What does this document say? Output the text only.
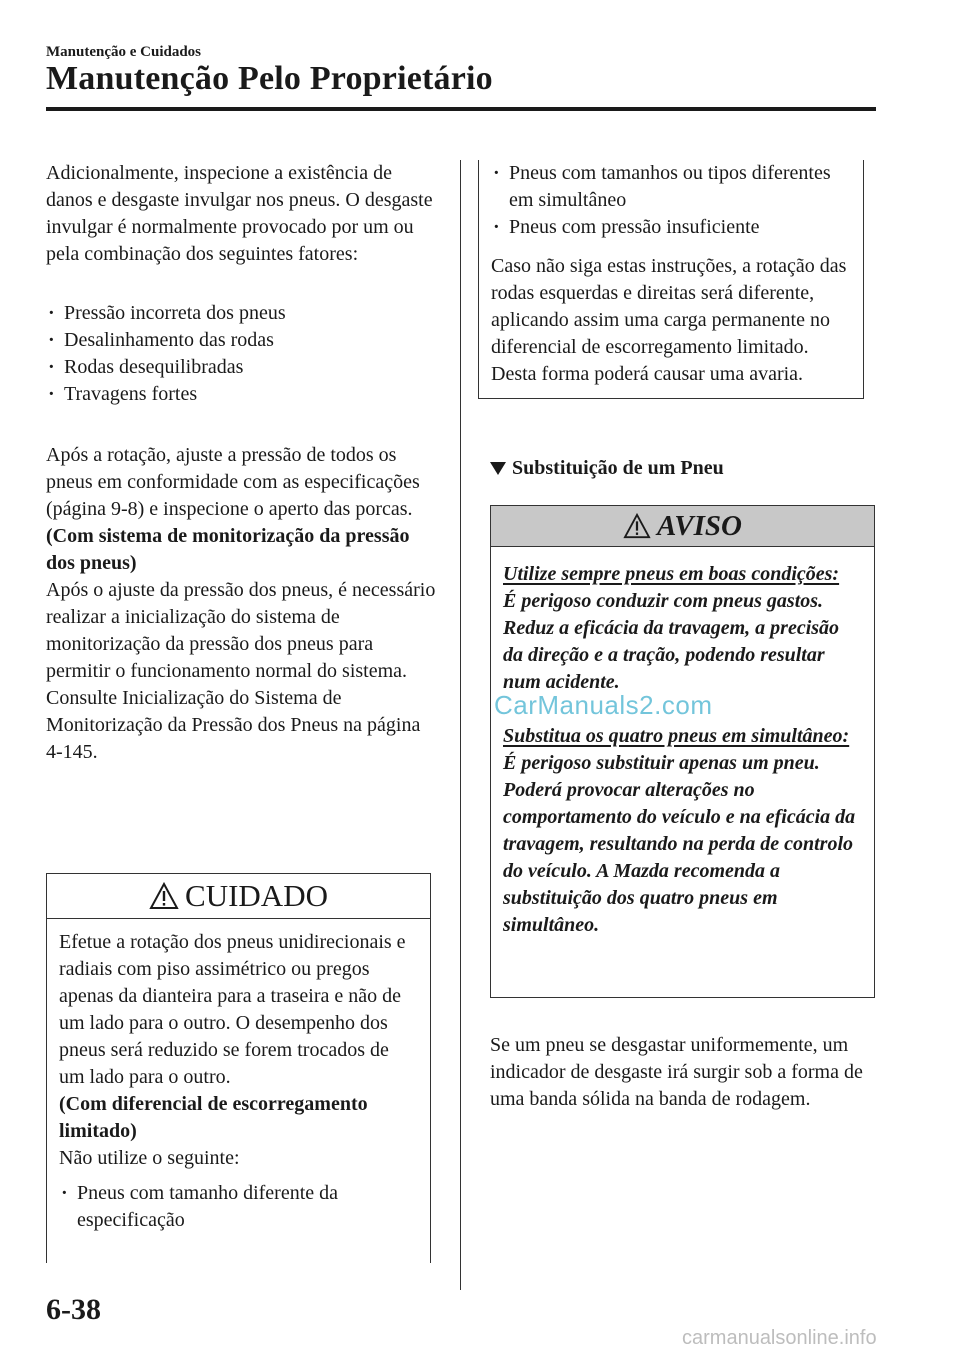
Manutenção e Cuidados
Manutenção Pelo Proprietário

Adicionalmente, inspecione a existência de danos e desgaste invulgar nos pneus. O desgaste invulgar é normalmente provocado por um ou pela combinação dos seguintes fatores:

· Pressão incorreta dos pneus
· Desalinhamento das rodas
· Rodas desequilibradas
· Travagens fortes

Após a rotação, ajuste a pressão de todos os pneus em conformidade com as especificações (página 9-8) e inspecione o aperto das porcas.

(Com sistema de monitorização da pressão dos pneus)

Após o ajuste da pressão dos pneus, é necessário realizar a inicialização do sistema de monitorização da pressão dos pneus para permitir o funcionamento normal do sistema.

Consulte Inicialização do Sistema de Monitorização da Pressão dos Pneus na página 4-145.

CUIDADO

Efetue a rotação dos pneus unidirecionais e radiais com piso assimétrico ou pregos apenas da dianteira para a traseira e não de um lado para o outro. O desempenho dos pneus será reduzido se forem trocados de um lado para o outro.

(Com diferencial de escorregamento limitado)

Não utilize o seguinte:

· Pneus com tamanho diferente da especificação
· Pneus com tamanhos ou tipos diferentes em simultâneo
· Pneus com pressão insuficiente

Caso não siga estas instruções, a rotação das rodas esquerdas e direitas será diferente, aplicando assim uma carga permanente no diferencial de escorregamento limitado.

Desta forma poderá causar uma avaria.

Substituição de um Pneu
AVISO

Utilize sempre pneus em boas condições:

É perigoso conduzir com pneus gastos. Reduz a eficácia da travagem, a precisão da direção e a tração, podendo resultar num acidente.

Substitua os quatro pneus em simultâneo:

É perigoso substituir apenas um pneu. Poderá provocar alterações no comportamento do veículo e na eficácia da travagem, resultando na perda de controlo do veículo. A Mazda recomenda a substituição dos quatro pneus em simultâneo.

Se um pneu se desgastar uniformemente, um indicador de desgaste irá surgir sob a forma de uma banda sólida na banda de rodagem.

CarManuals2.com
carmanualsonline.info
6-38
